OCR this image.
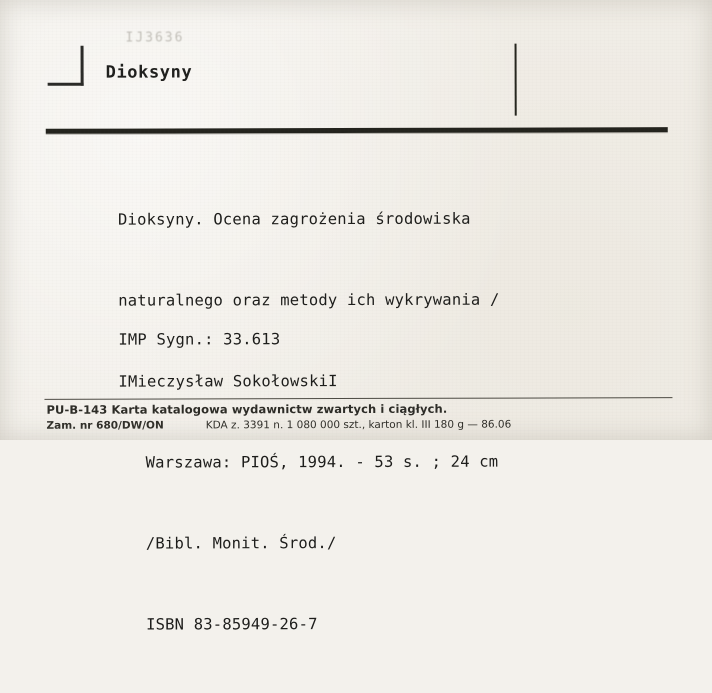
IJ3636
Dioksyny

Dioksyny. Ocena zagrożenia środowiska

naturalnego oraz metody ich wykrywania /

IMieczysław SokołowskiI

Warszawa: PIOŚ, 1994. - 53 s. ; 24 cm

/Bibl. Monit. Środ./

ISBN 83-85949-26-7

IMP Sygn.: 33.613
PU-B-143 Karta katalogowa wydawnictw zwartych i ciągłych.
Zam. nr 680/DW/ON	KDA z. 3391 n. 1 080 000 szt., karton kl. III 180 g — 86.06
